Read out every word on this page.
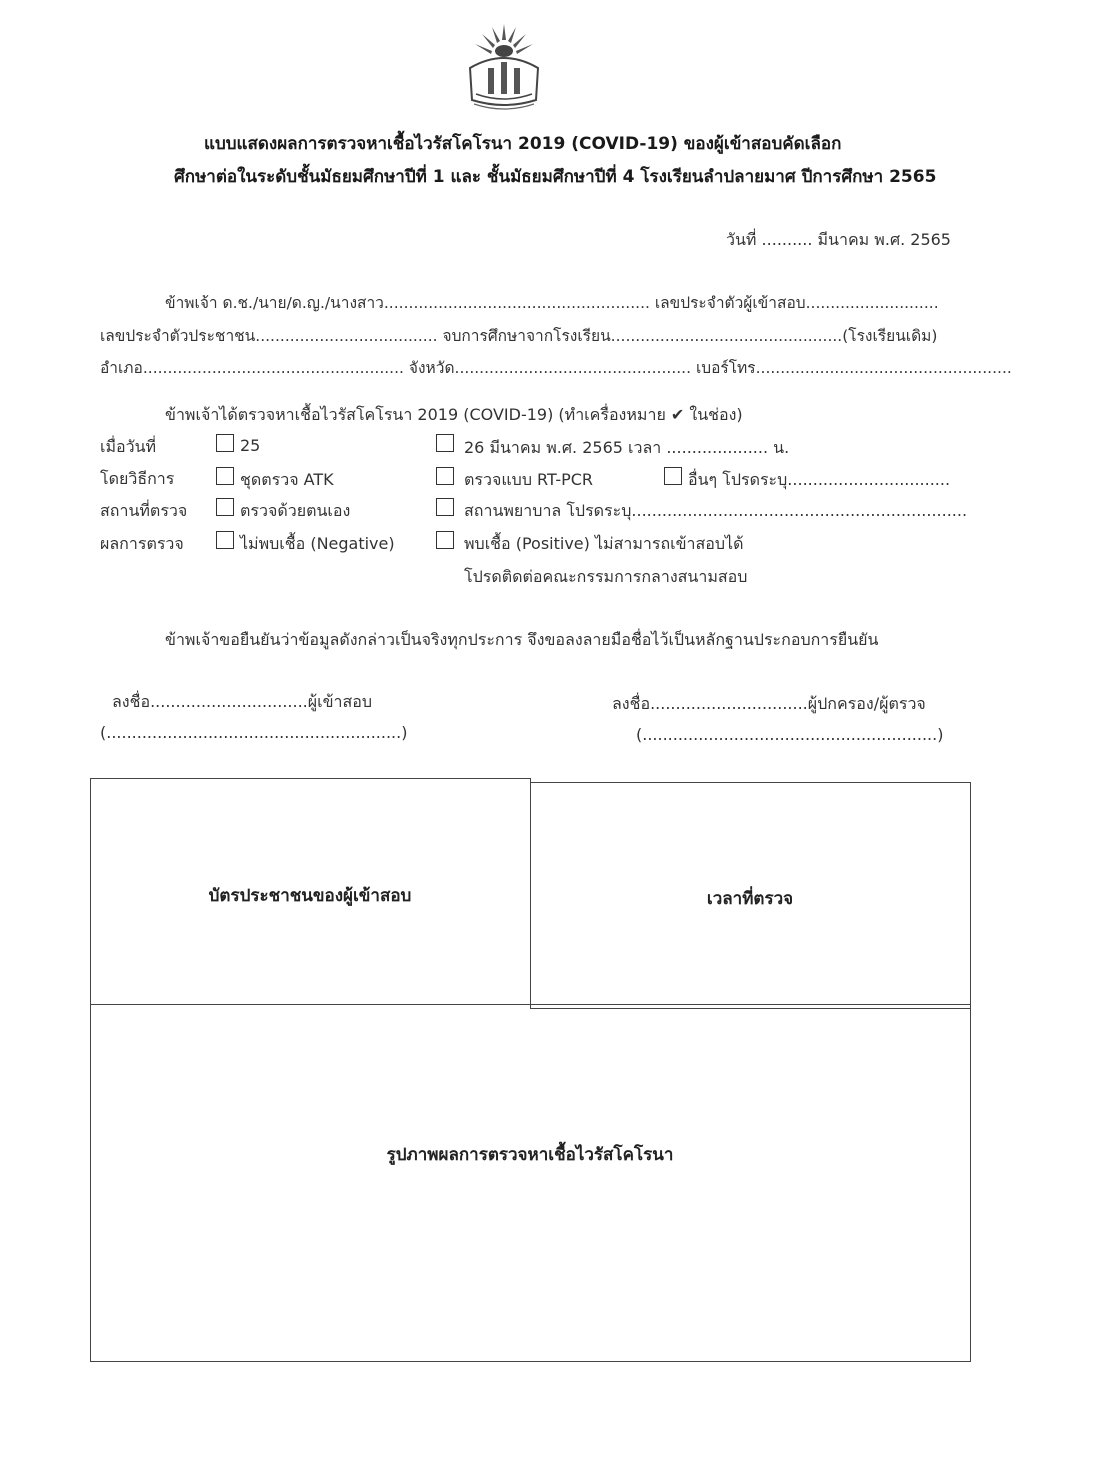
แบบแสดงผลการตรวจหาเชื้อไวรัสโคโรนา 2019 (COVID-19) ของผู้เข้าสอบคัดเลือก
ศึกษาต่อในระดับชั้นมัธยมศึกษาปีที่ 1 และ ชั้นมัธยมศึกษาปีที่ 4 โรงเรียนลำปลายมาศ ปีการศึกษา 2565
วันที่ .......... มีนาคม พ.ศ. 2565
ข้าพเจ้า ด.ช./นาย/ด.ญ./นางสาว...................................................... เลขประจำตัวผู้เข้าสอบ...........................
เลขประจำตัวประชาชน..................................... จบการศึกษาจากโรงเรียน...............................................(โรงเรียนเดิม)
อำเภอ..................................................... จังหวัด................................................ เบอร์โทร....................................................
ข้าพเจ้าได้ตรวจหาเชื้อไวรัสโคโรนา 2019 (COVID-19) (ทำเครื่องหมาย ✔ ในช่อง)
เมื่อวันที่	25	26 มีนาคม พ.ศ. 2565 เวลา .................... น.
โดยวิธีการ	ชุดตรวจ ATK	ตรวจแบบ RT-PCR	อื่นๆ โปรดระบุ................................
สถานที่ตรวจ	ตรวจด้วยตนเอง	สถานพยาบาล โปรดระบุ..................................................................
ผลการตรวจ	ไม่พบเชื้อ (Negative)	พบเชื้อ (Positive) ไม่สามารถเข้าสอบได้
โปรดติดต่อคณะกรรมการกลางสนามสอบ
ข้าพเจ้าขอยืนยันว่าข้อมูลดังกล่าวเป็นจริงทุกประการ จึงขอลงลายมือชื่อไว้เป็นหลักฐานประกอบการยืนยัน
ลงชื่อ...............................ผู้เข้าสอบ
(..........................................................)
ลงชื่อ...............................ผู้ปกครอง/ผู้ตรวจ
(..........................................................)
บัตรประชาชนของผู้เข้าสอบ	เวลาที่ตรวจ
รูปภาพผลการตรวจหาเชื้อไวรัสโคโรนา
